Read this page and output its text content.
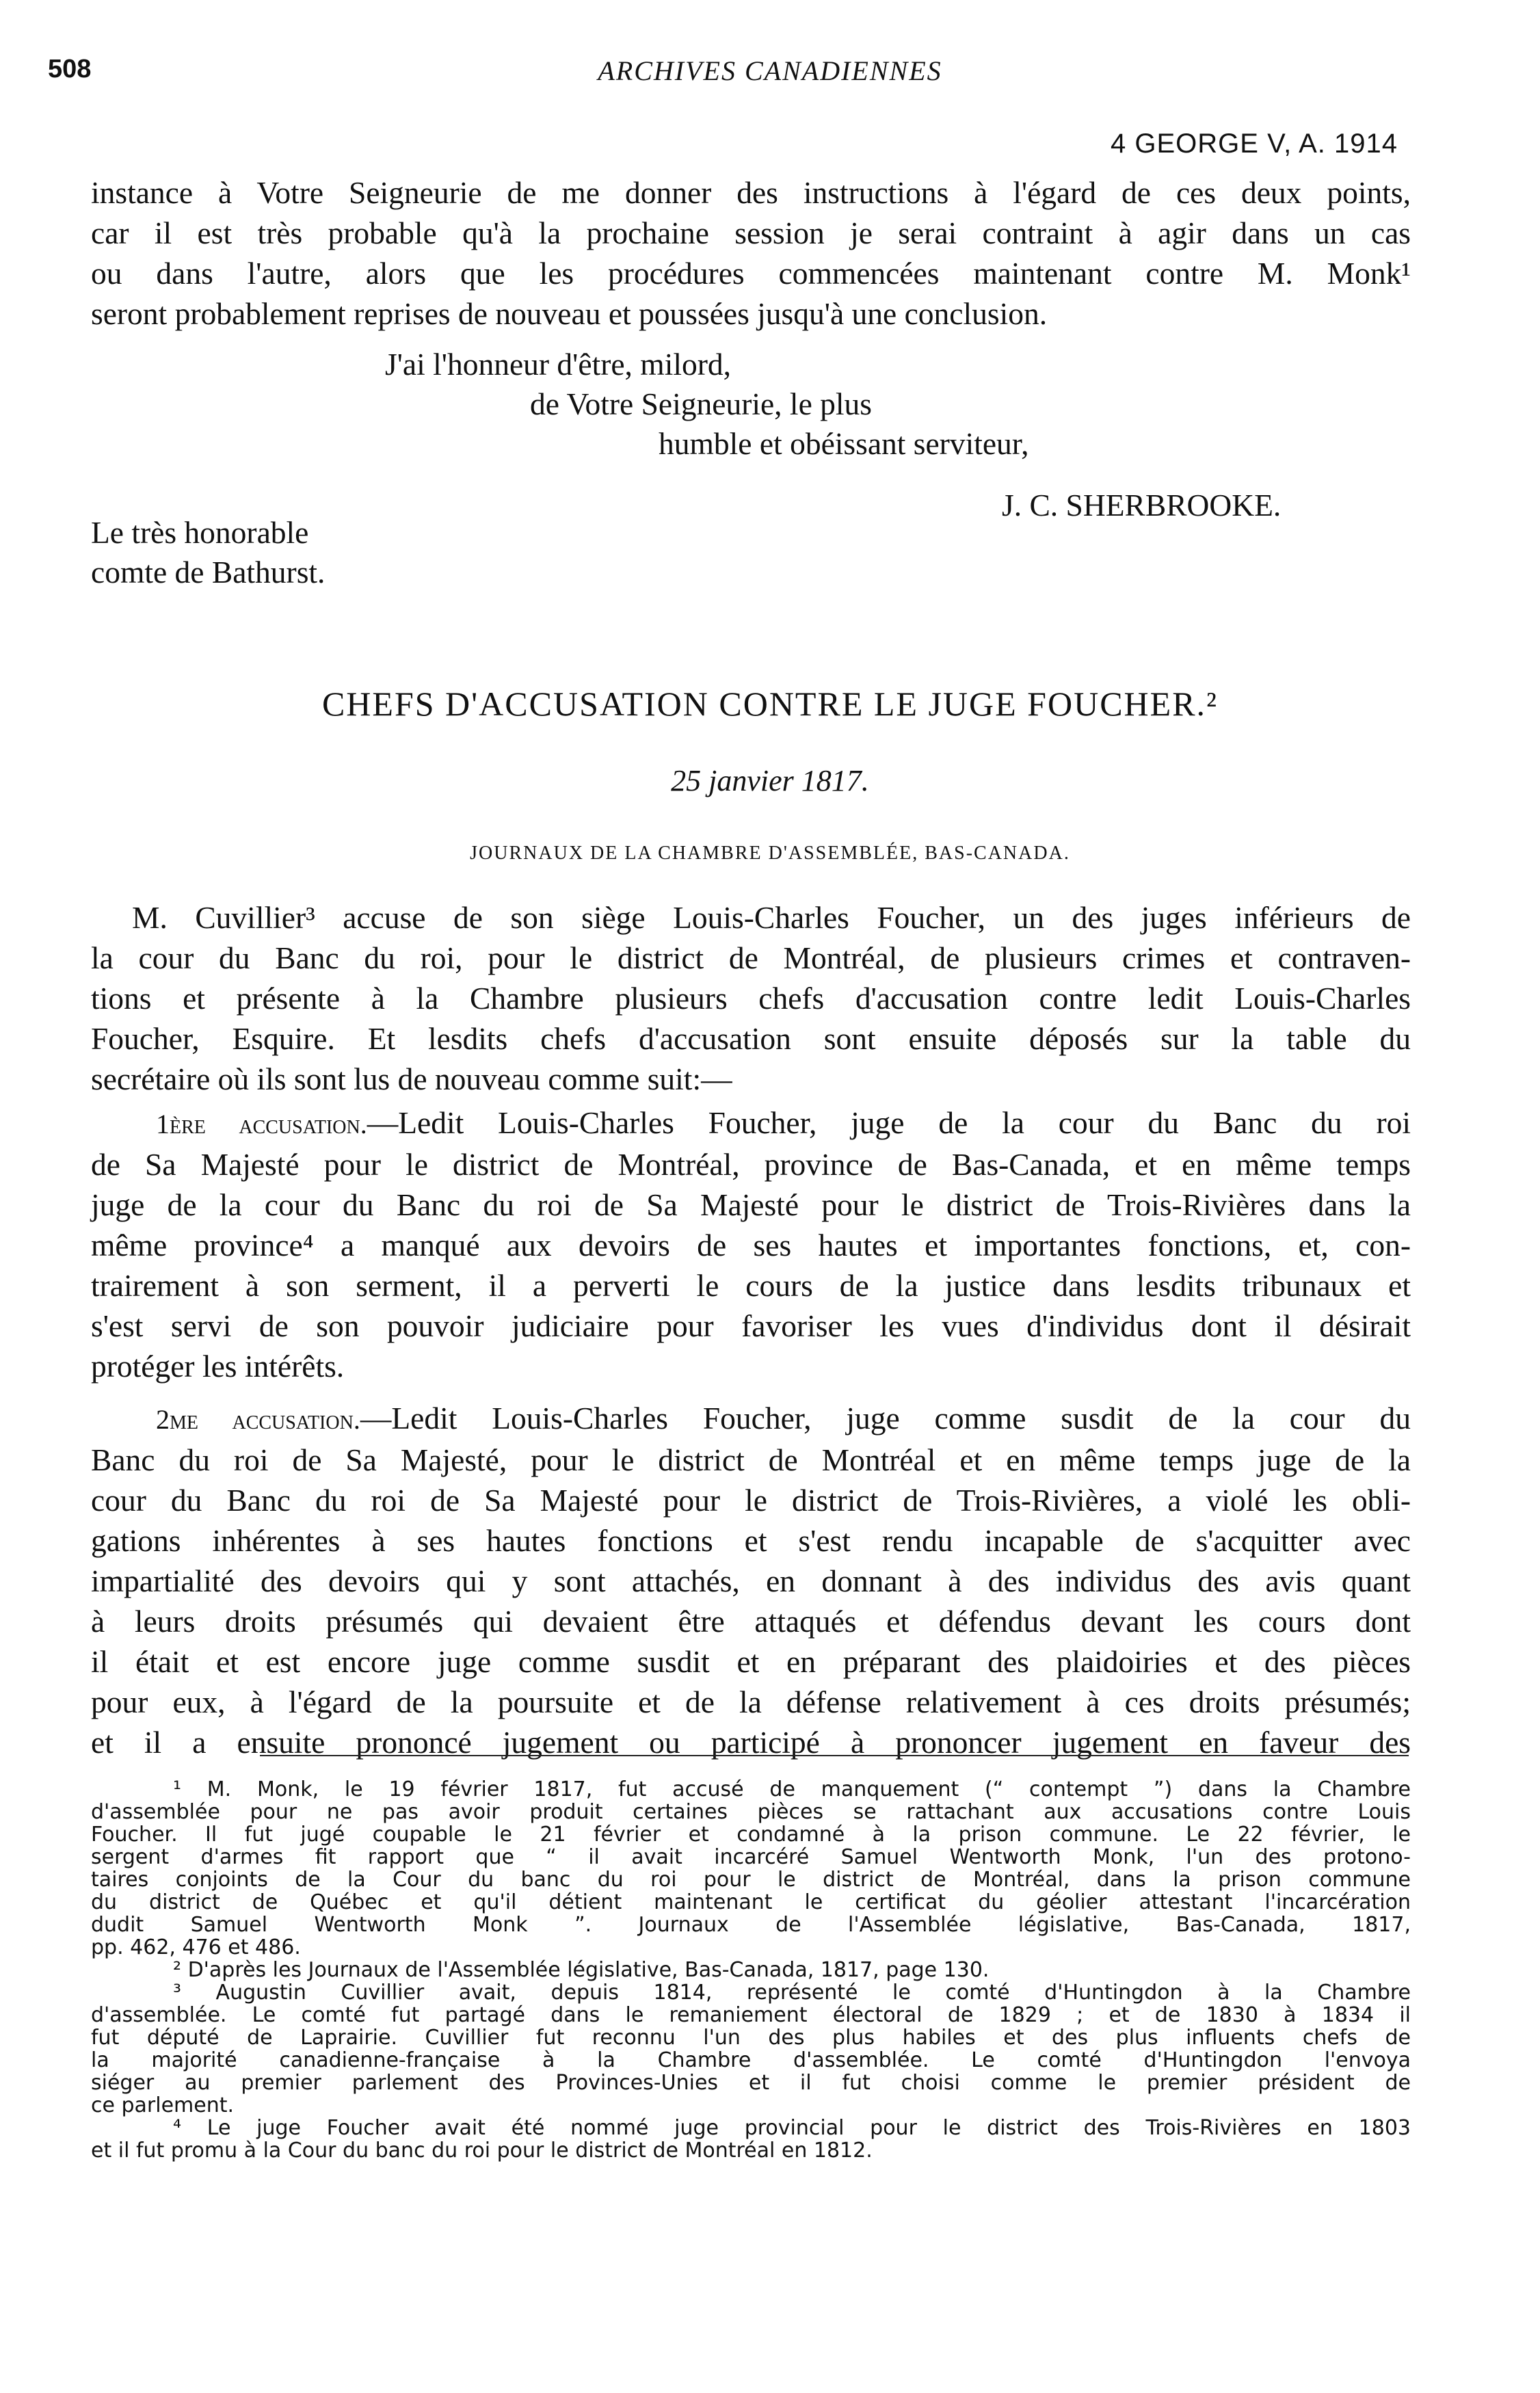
508	ARCHIVES CANADIENNES
4 GEORGE V, A. 1914
instance à Votre Seigneurie de me donner des instructions à l'égard de ces deux points,
car il est très probable qu'à la prochaine session je serai contraint à agir dans un cas
ou dans l'autre, alors que les procédures commencées maintenant contre M. Monk¹
seront probablement reprises de nouveau et poussées jusqu'à une conclusion.
J'ai l'honneur d'être, milord,
de Votre Seigneurie, le plus
humble et obéissant serviteur,
J. C. SHERBROOKE.
Le très honorable
comte de Bathurst.
CHEFS D'ACCUSATION CONTRE LE JUGE FOUCHER.²
25 janvier 1817.
JOURNAUX DE LA CHAMBRE D'ASSEMBLÉE, BAS-CANADA.
M. Cuvillier³ accuse de son siège Louis-Charles Foucher, un des juges inférieurs de
la cour du Banc du roi, pour le district de Montréal, de plusieurs crimes et contraven-
tions et présente à la Chambre plusieurs chefs d'accusation contre ledit Louis-Charles
Foucher, Esquire. Et lesdits chefs d'accusation sont ensuite déposés sur la table du
secrétaire où ils sont lus de nouveau comme suit:—
1ère accusation.—Ledit Louis-Charles Foucher, juge de la cour du Banc du roi
de Sa Majesté pour le district de Montréal, province de Bas-Canada, et en même temps
juge de la cour du Banc du roi de Sa Majesté pour le district de Trois-Rivières dans la
même province⁴ a manqué aux devoirs de ses hautes et importantes fonctions, et, con-
trairement à son serment, il a perverti le cours de la justice dans lesdits tribunaux et
s'est servi de son pouvoir judiciaire pour favoriser les vues d'individus dont il désirait
protéger les intérêts.
2me accusation.—Ledit Louis-Charles Foucher, juge comme susdit de la cour du
Banc du roi de Sa Majesté, pour le district de Montréal et en même temps juge de la
cour du Banc du roi de Sa Majesté pour le district de Trois-Rivières, a violé les obli-
gations inhérentes à ses hautes fonctions et s'est rendu incapable de s'acquitter avec
impartialité des devoirs qui y sont attachés, en donnant à des individus des avis quant
à leurs droits présumés qui devaient être attaqués et défendus devant les cours dont
il était et est encore juge comme susdit et en préparant des plaidoiries et des pièces
pour eux, à l'égard de la poursuite et de la défense relativement à ces droits présumés;
et il a ensuite prononcé jugement ou participé à prononcer jugement en faveur des
¹ M. Monk, le 19 février 1817, fut accusé de manquement (“ contempt ”) dans la Chambre
d'assemblée pour ne pas avoir produit certaines pièces se rattachant aux accusations contre Louis
Foucher. Il fut jugé coupable le 21 février et condamné à la prison commune. Le 22 février, le
sergent d'armes fit rapport que “ il avait incarcéré Samuel Wentworth Monk, l'un des protono-
taires conjoints de la Cour du banc du roi pour le district de Montréal, dans la prison commune
du district de Québec et qu'il détient maintenant le certificat du géolier attestant l'incarcération
dudit Samuel Wentworth Monk ”. Journaux de l'Assemblée législative, Bas-Canada, 1817,
pp. 462, 476 et 486.
² D'après les Journaux de l'Assemblée législative, Bas-Canada, 1817, page 130.
³ Augustin Cuvillier avait, depuis 1814, représenté le comté d'Huntingdon à la Chambre
d'assemblée. Le comté fut partagé dans le remaniement électoral de 1829 ; et de 1830 à 1834 il
fut député de Laprairie. Cuvillier fut reconnu l'un des plus habiles et des plus influents chefs de
la majorité canadienne-française à la Chambre d'assemblée. Le comté d'Huntingdon l'envoya
siéger au premier parlement des Provinces-Unies et il fut choisi comme le premier président de
ce parlement.
⁴ Le juge Foucher avait été nommé juge provincial pour le district des Trois-Rivières en 1803
et il fut promu à la Cour du banc du roi pour le district de Montréal en 1812.
